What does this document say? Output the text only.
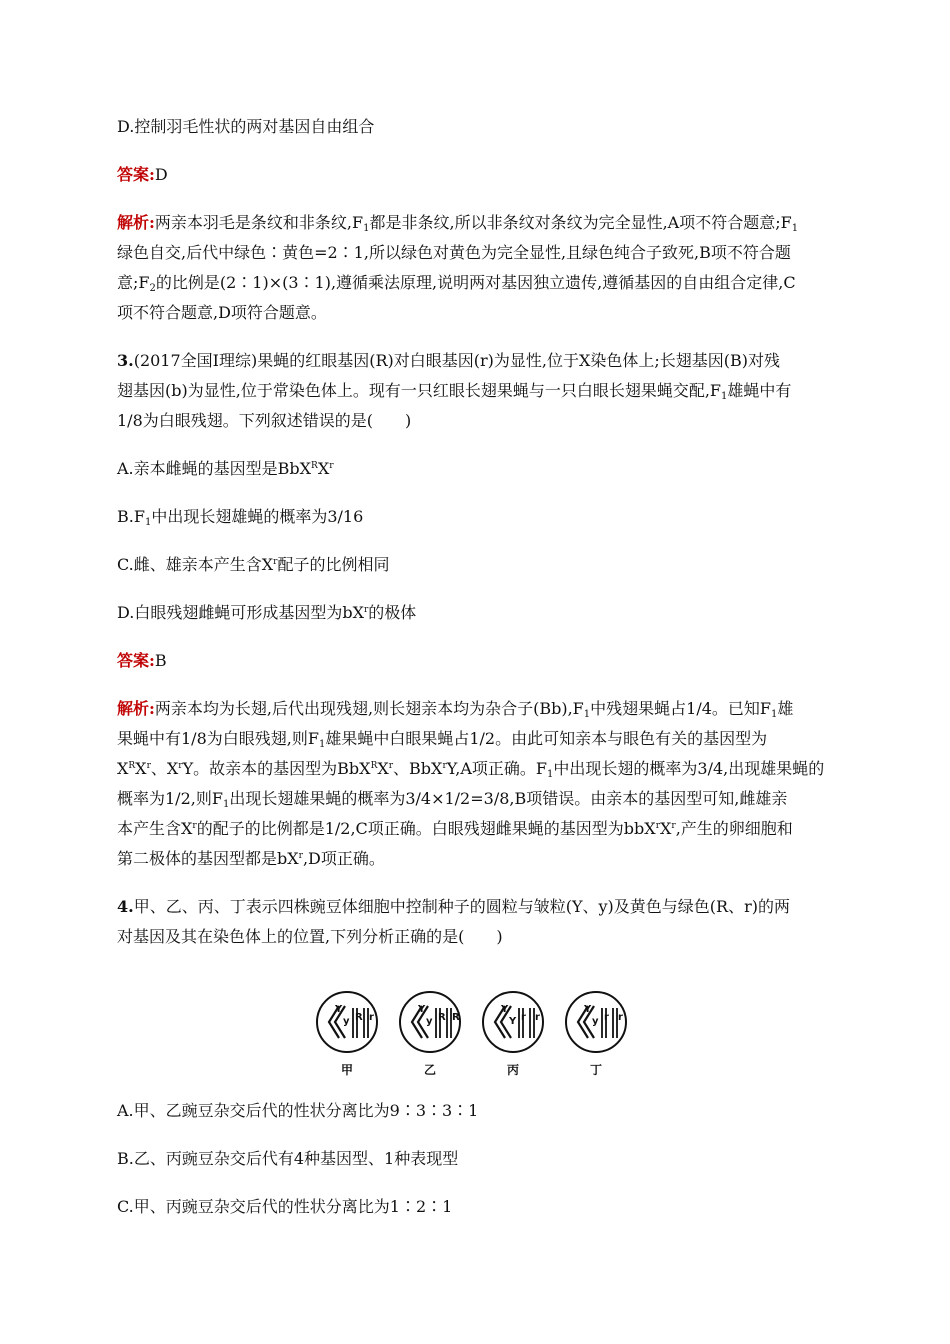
D.控制羽毛性状的两对基因自由组合
答案:D
解析:两亲本羽毛是条纹和非条纹$,F_1$都是非条纹,所以非条纹对条纹为完全显性,A项不符合题意$;F_1$
绿色自交,后代中绿色∶黄色=2∶1,所以绿色对黄色为完全显性,且绿色纯合子致死,B项不符合题
意$;F_2$的比例是(2∶1)×(3∶1),遵循乘法原理,说明两对基因独立遗传,遵循基因的自由组合定律,C
项不符合题意,D项符合题意。
3.(2017全国Ⅰ理综)果蝇的红眼基因(R)对白眼基因(r)为显性,位于X染色体上;长翅基因(B)对残
翅基因(b)为显性,位于常染色体上。现有一只红眼长翅果蝇与一只白眼长翅果蝇交配$,F_1$雄蝇中有
1/8为白眼残翅。下列叙述错误的是(　　)
A.亲本雌蝇的基因型是$BbX^RX^r$
$B.F_1$中出现长翅雄蝇的概率为3/16
C.雌、雄亲本产生含$X^r$配子的比例相同
D.白眼残翅雌蝇可形成基因型为$bX^r$的极体
答案:B
解析:两亲本均为长翅,后代出现残翅,则长翅亲本均为杂合子$(Bb),F_1$中残翅果蝇占1/4。已知$F_1$雄
果蝇中有1/8为白眼残翅,则$F_1$雄果蝇中白眼果蝇占1/2。由此可知亲本与眼色有关的基因型为
$X^RX^r$、$X^rY$。故亲本的基因型为$BbX^RX^r$、BbX$^r$Y,A项正确。$F_1$中出现长翅的概率为3/4,出现雄果蝇的
概率为1/2,则$F_1$出现长翅雄果蝇的概率为3/4×1/2=3/8,B项错误。由亲本的基因型可知,雌雄亲
本产生含$X^r$的配子的比例都是1/2,C项正确。白眼残翅雌果蝇的基因型为$bbX^rX^r$,产生的卵细胞和
第二极体的基因型都是$bX^r,D$项正确。
4.甲、乙、丙、丁表示四株豌豆体细胞中控制种子的圆粒与皱粒(Y、y)及黄色与绿色(R、r)的两
对基因及其在染色体上的位置,下列分析正确的是(　　)
Y
y R r
甲
Y
y R R
乙
Y
Y r r
丙
Y
y r r
丁
A.甲、乙豌豆杂交后代的性状分离比为9∶3∶3∶1
B.乙、丙豌豆杂交后代有4种基因型、1种表现型
C.甲、丙豌豆杂交后代的性状分离比为1∶2∶1
